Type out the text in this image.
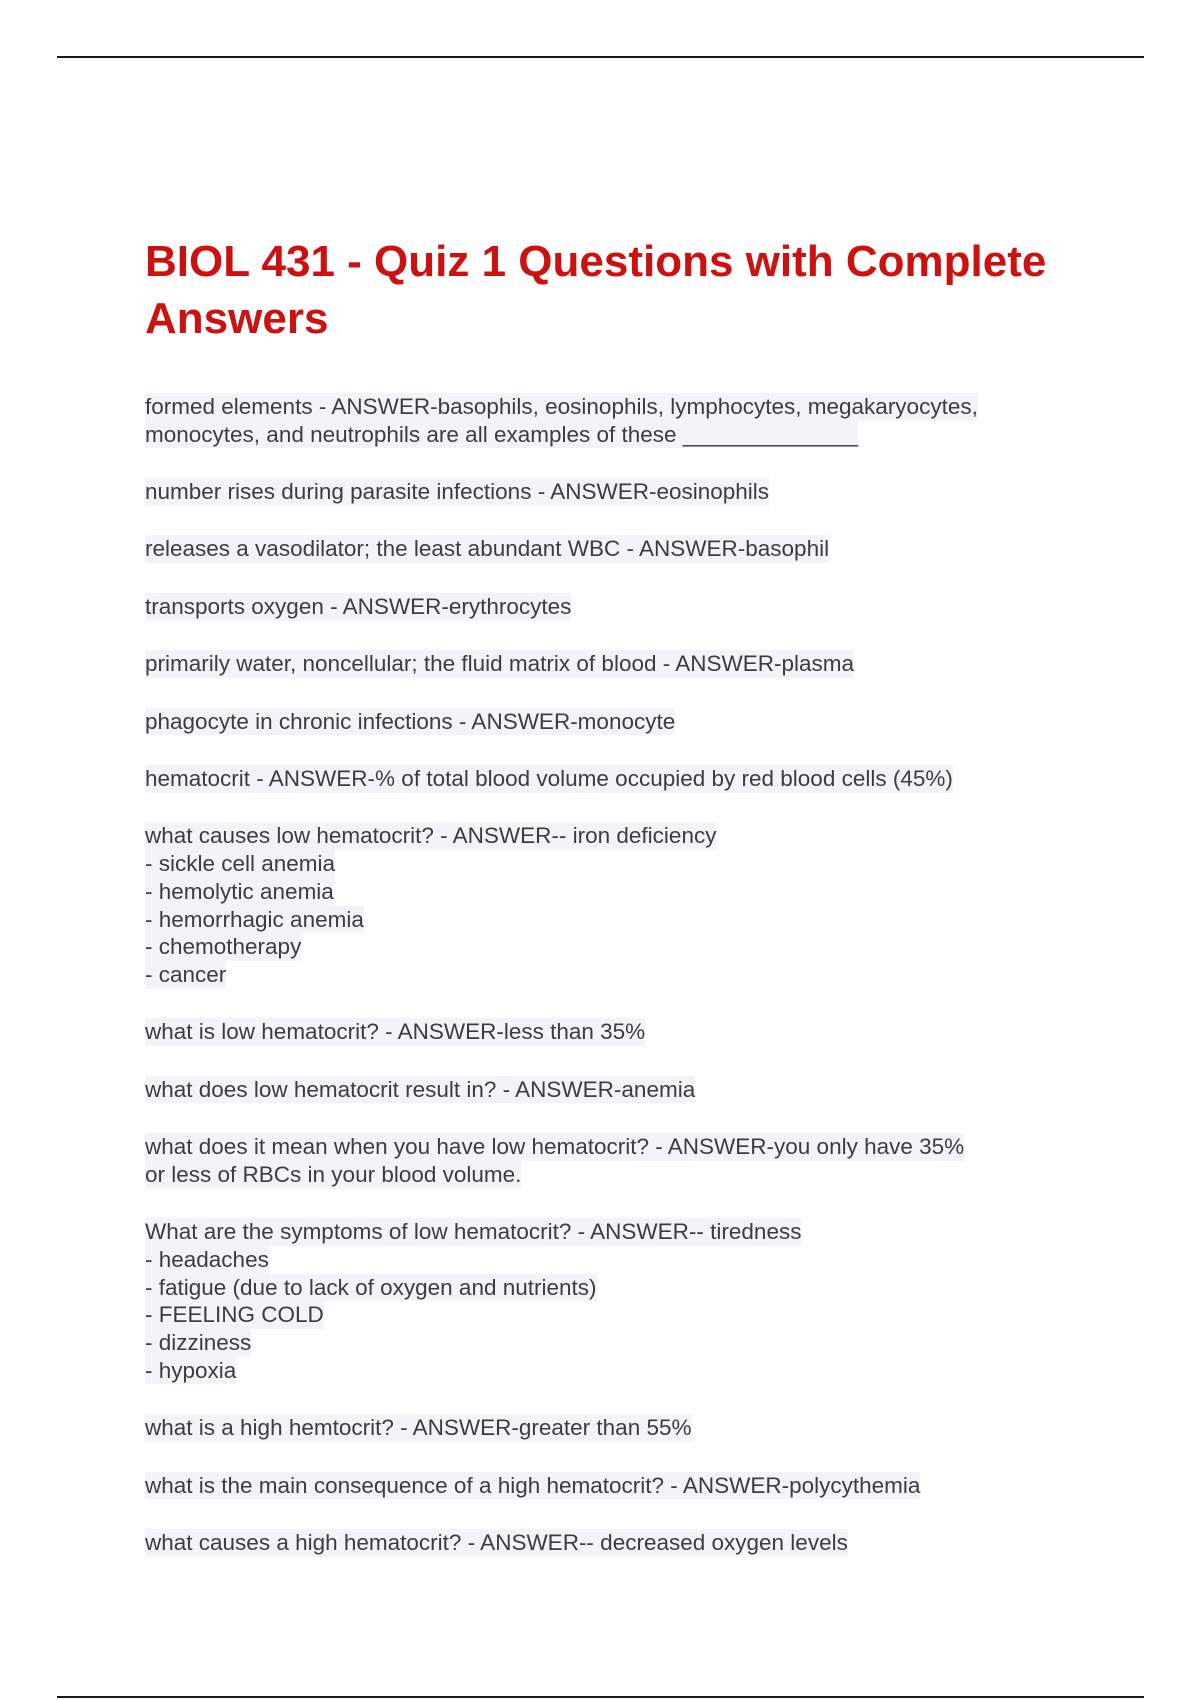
BIOL 431 - Quiz 1 Questions with Complete Answers
formed elements - ANSWER-basophils, eosinophils, lymphocytes, megakaryocytes,
monocytes, and neutrophils are all examples of these ______________
number rises during parasite infections - ANSWER-eosinophils
releases a vasodilator; the least abundant WBC - ANSWER-basophil
transports oxygen - ANSWER-erythrocytes
primarily water, noncellular; the fluid matrix of blood - ANSWER-plasma
phagocyte in chronic infections - ANSWER-monocyte
hematocrit - ANSWER-% of total blood volume occupied by red blood cells (45%)
what causes low hematocrit? - ANSWER-- iron deficiency
- sickle cell anemia
- hemolytic anemia
- hemorrhagic anemia
- chemotherapy
- cancer
what is low hematocrit? - ANSWER-less than 35%
what does low hematocrit result in? - ANSWER-anemia
what does it mean when you have low hematocrit? - ANSWER-you only have 35%
or less of RBCs in your blood volume.
What are the symptoms of low hematocrit? - ANSWER-- tiredness
- headaches
- fatigue (due to lack of oxygen and nutrients)
- FEELING COLD
- dizziness
- hypoxia
what is a high hemtocrit? - ANSWER-greater than 55%
what is the main consequence of a high hematocrit? - ANSWER-polycythemia
what causes a high hematocrit? - ANSWER-- decreased oxygen levels
